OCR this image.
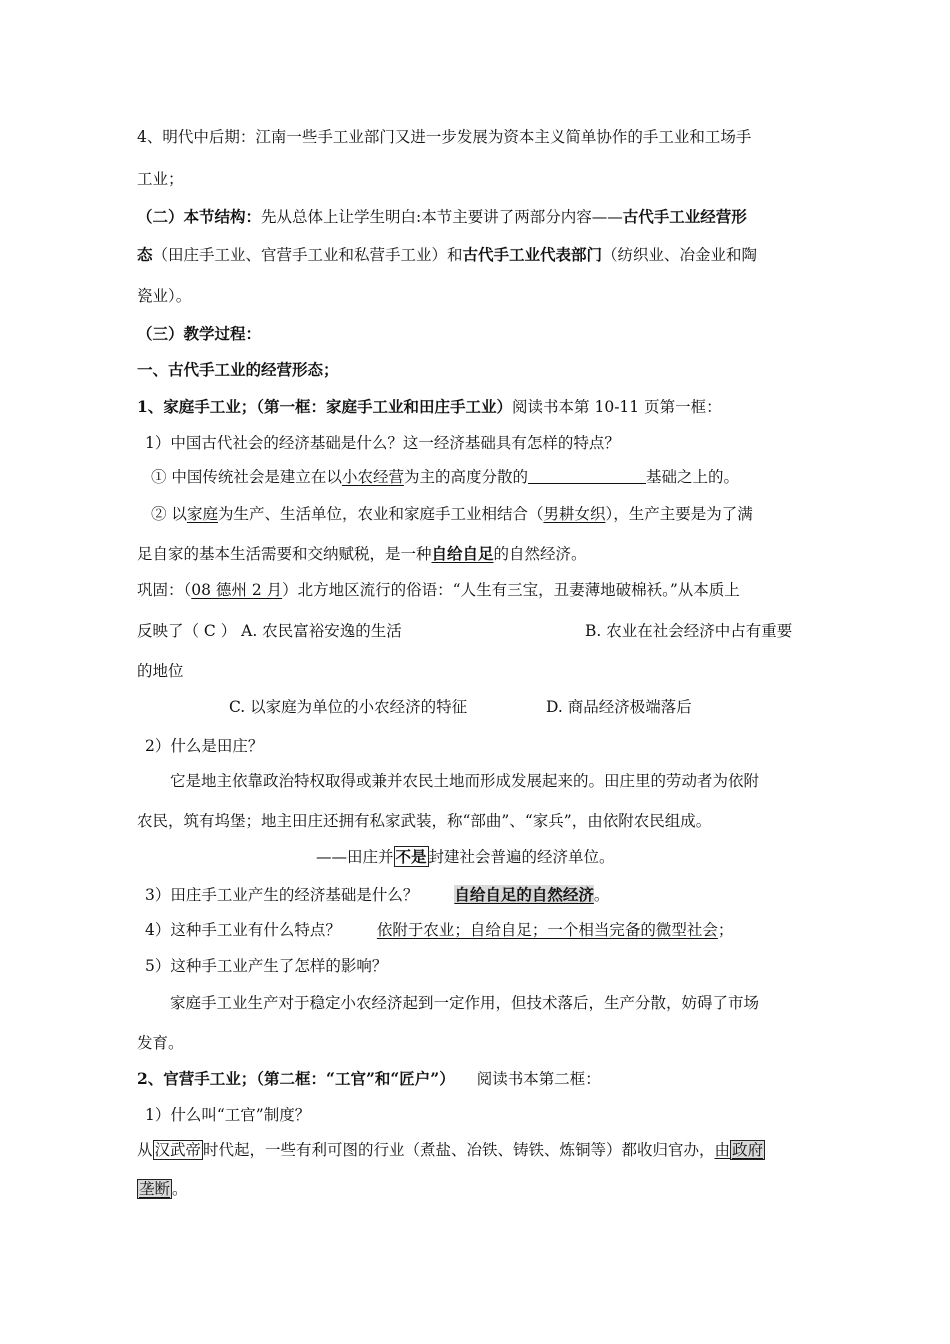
4、明代中后期：江南一些手工业部门又进一步发展为资本主义简单协作的手工业和工场手
工业；
（二）本节结构：先从总体上让学生明白:本节主要讲了两部分内容——古代手工业经营形
态（田庄手工业、官营手工业和私营手工业）和古代手工业代表部门（纺织业、冶金业和陶
瓷业）。
（三）教学过程：
一、古代手工业的经营形态；
1、家庭手工业；（第一框：家庭手工业和田庄手工业）阅读书本第 10-11 页第一框：
1）中国古代社会的经济基础是什么？这一经济基础具有怎样的特点？
① 中国传统社会是建立在以小农经营为主的高度分散的	基础之上的。
② 以家庭为生产、生活单位，农业和家庭手工业相结合（男耕女织），生产主要是为了满
足自家的基本生活需要和交纳赋税，是一种自给自足的自然经济。
巩固：（08 德州 2 月）北方地区流行的俗语：“人生有三宝，丑妻薄地破棉袄。”从本质上
反映了（ C ） A. 农民富裕安逸的生活	B. 农业在社会经济中占有重要
的地位
C. 以家庭为单位的小农经济的特征	D. 商品经济极端落后
2）什么是田庄？
它是地主依靠政治特权取得或兼并农民土地而形成发展起来的。田庄里的劳动者为依附
农民，筑有坞堡；地主田庄还拥有私家武装，称“部曲”、“家兵”，由依附农民组成。
——田庄并 不是 封建社会普遍的经济单位。
3）田庄手工业产生的经济基础是什么？ 自给自足的自然经济。
4）这种手工业有什么特点？ 依附于农业；自给自足；一个相当完备的微型社会；
5）这种手工业产生了怎样的影响？
家庭手工业生产对于稳定小农经济起到一定作用，但技术落后，生产分散，妨碍了市场
发育。
2、官营手工业；（第二框：“工官”和“匠户”） 阅读书本第二框：
1）什么叫“工官”制度？
从 汉武帝 时代起，一些有利可图的行业（煮盐、冶铁、铸铁、炼铜等）都收归官办，由 政府
垄断 。
